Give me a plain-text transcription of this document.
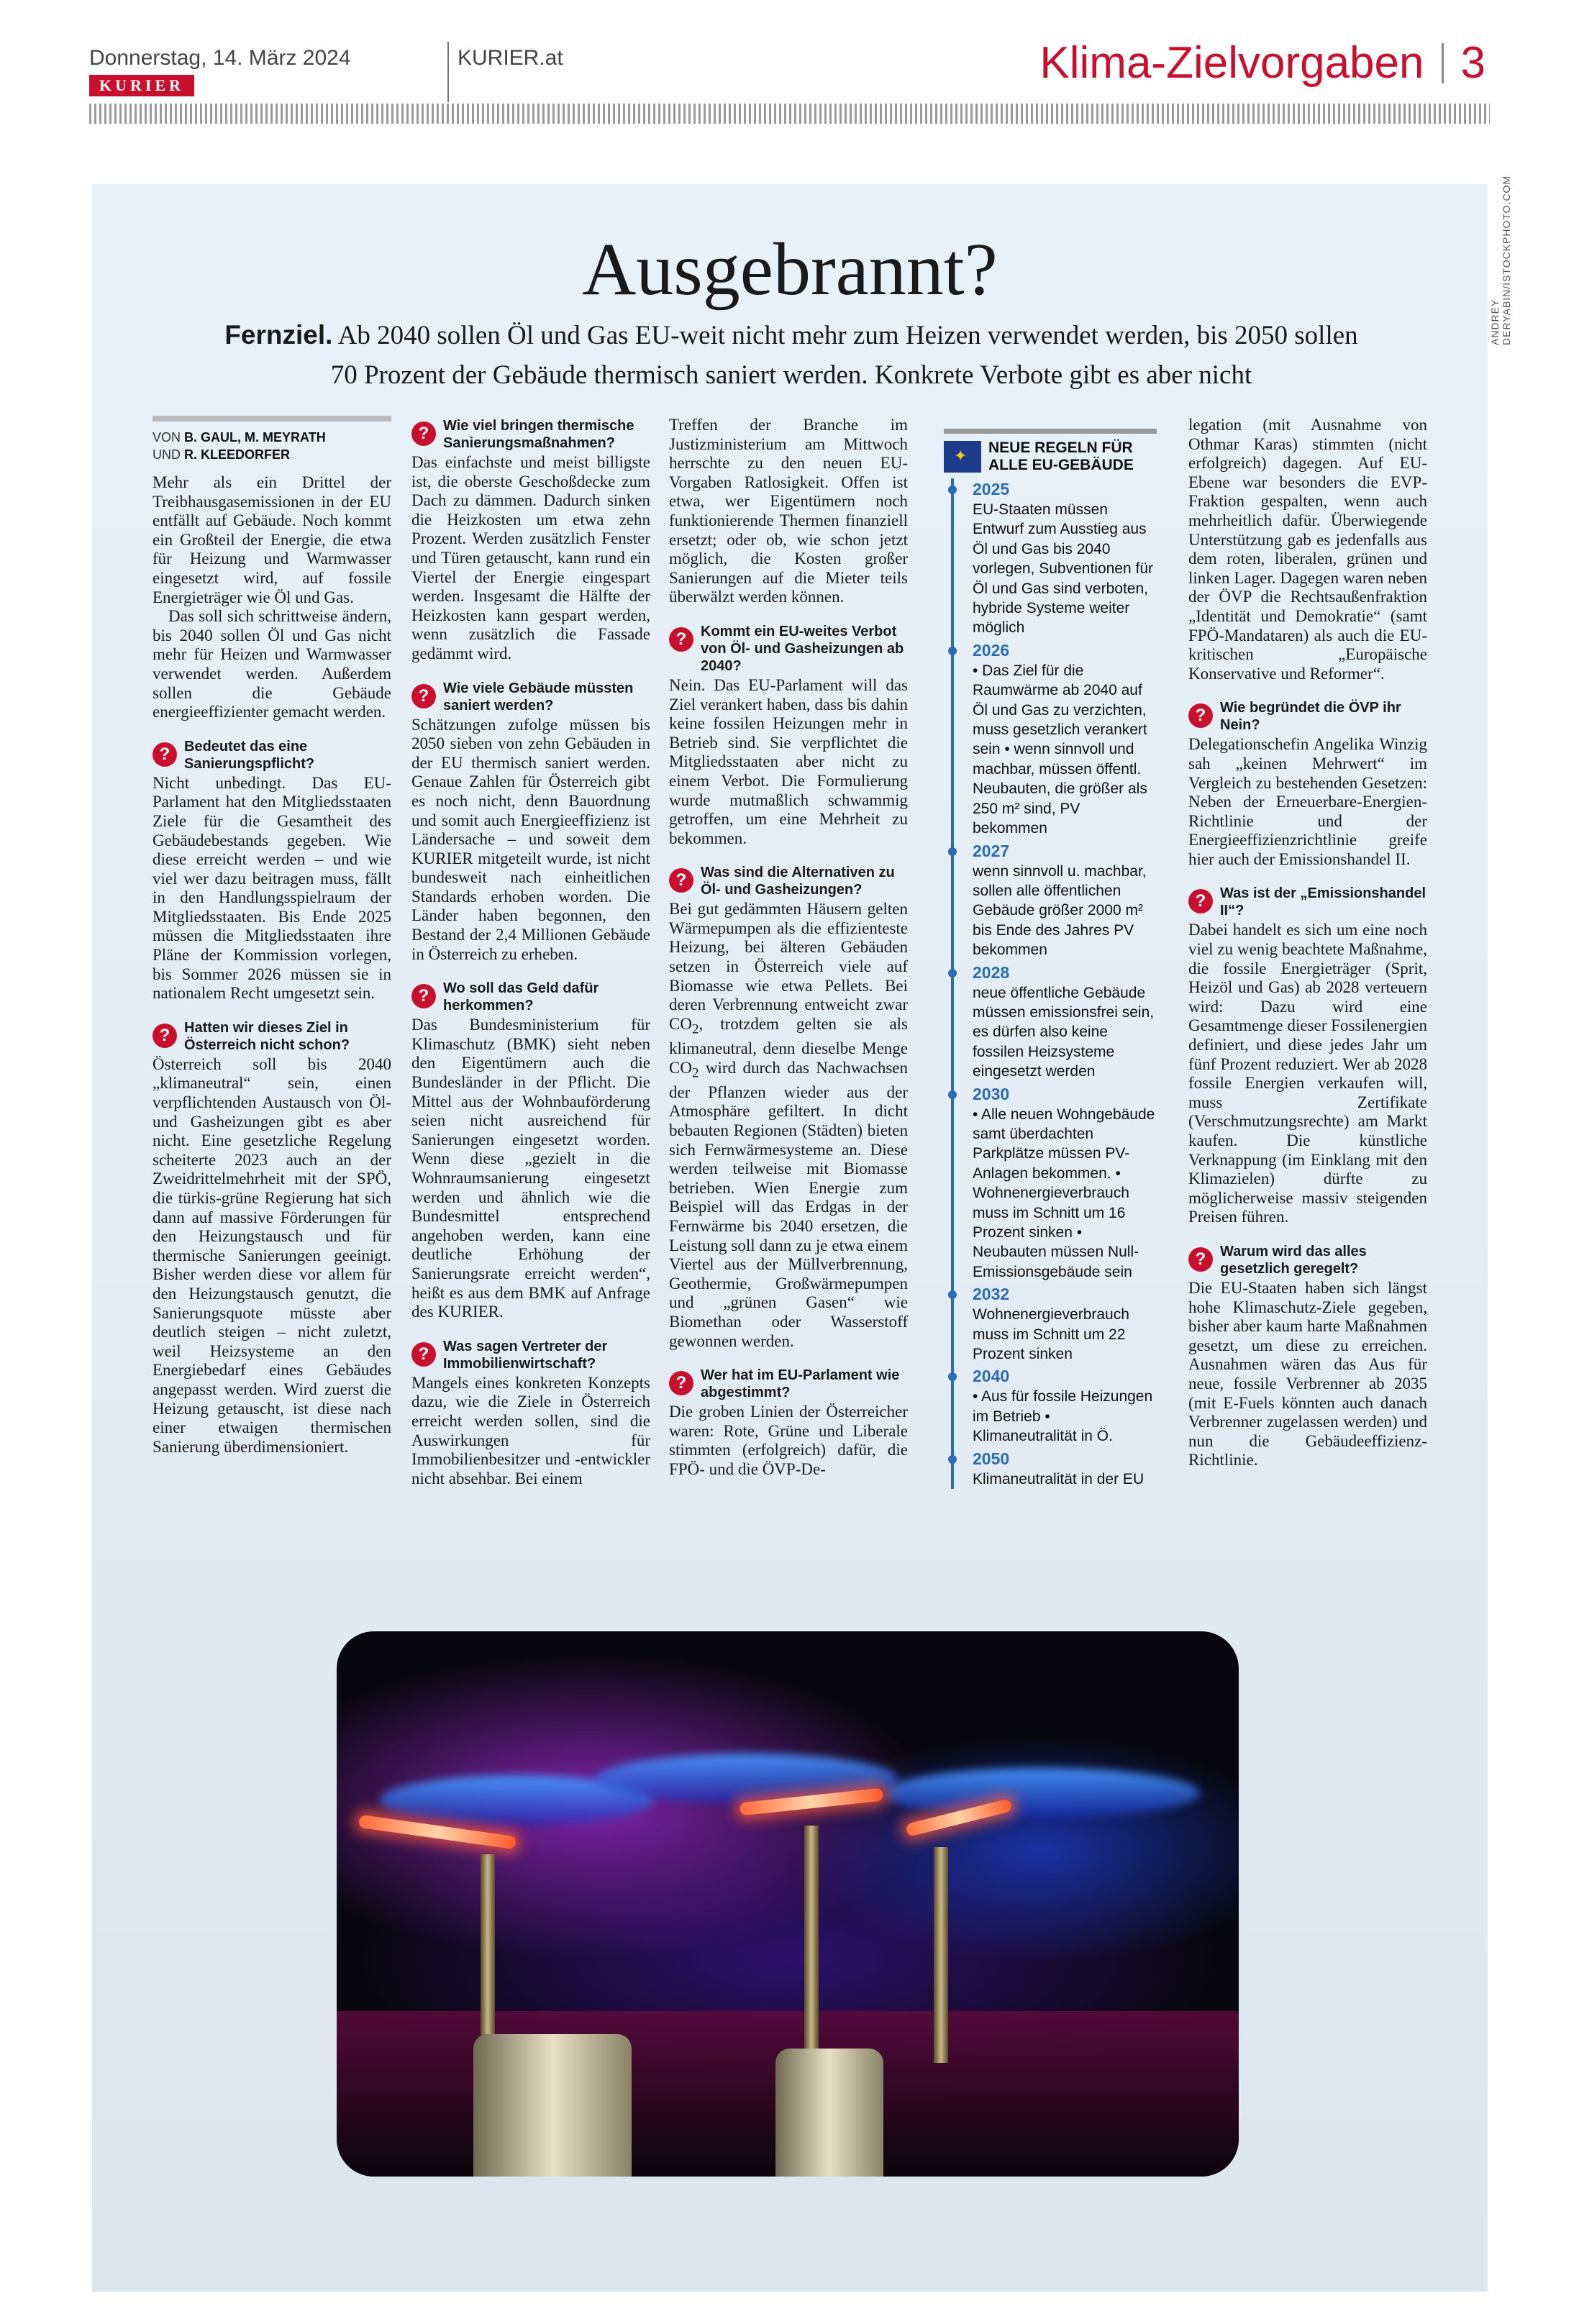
Donnerstag, 14. März 2024
KURIER
KURIER.at	Klima-Zielvorgaben 3
ANDREY DERYABIN/ISTOCKPHOTO.COM
Ausgebrannt?
Fernziel. Ab 2040 sollen Öl und Gas EU-weit nicht mehr zum Heizen verwendet werden, bis 2050 sollen 70 Prozent der Gebäude thermisch saniert werden. Konkrete Verbote gibt es aber nicht
VON B. GAUL, M. MEYRATH
UND R. KLEEDORFER

Mehr als ein Drittel der Treibhausgasemissionen in der EU entfällt auf Gebäude. Noch kommt ein Großteil der Energie, die etwa für Heizung und Warmwasser eingesetzt wird, auf fossile Energieträger wie Öl und Gas.

Das soll sich schrittweise ändern, bis 2040 sollen Öl und Gas nicht mehr für Heizen und Warmwasser verwendet werden. Außerdem sollen die Gebäude energieeffizienter gemacht werden.

? Bedeutet das eine Sanierungspflicht?

Nicht unbedingt. Das EU-Parlament hat den Mitgliedsstaaten Ziele für die Gesamtheit des Gebäudebestands gegeben. Wie diese erreicht werden – und wie viel wer dazu beitragen muss, fällt in den Handlungsspielraum der Mitgliedsstaaten. Bis Ende 2025 müssen die Mitgliedsstaaten ihre Pläne der Kommission vorlegen, bis Sommer 2026 müssen sie in nationalem Recht umgesetzt sein.

? Hatten wir dieses Ziel in Österreich nicht schon?

Österreich soll bis 2040 „klimaneutral“ sein, einen verpflichtenden Austausch von Öl- und Gasheizungen gibt es aber nicht. Eine gesetzliche Regelung scheiterte 2023 auch an der Zweidrittelmehrheit mit der SPÖ, die türkis-grüne Regierung hat sich dann auf massive Förderungen für den Heizungstausch und für thermische Sanierungen geeinigt. Bisher werden diese vor allem für den Heizungstausch genutzt, die Sanierungsquote müsste aber deutlich steigen – nicht zuletzt, weil Heizsysteme an den Energiebedarf eines Gebäudes angepasst werden. Wird zuerst die Heizung getauscht, ist diese nach einer etwaigen thermischen Sanierung überdimensioniert.

? Wie viel bringen thermische Sanierungsmaßnahmen?

Das einfachste und meist billigste ist, die oberste Geschoßdecke zum Dach zu dämmen. Dadurch sinken die Heizkosten um etwa zehn Prozent. Werden zusätzlich Fenster und Türen getauscht, kann rund ein Viertel der Energie eingespart werden. Insgesamt die Hälfte der Heizkosten kann gespart werden, wenn zusätzlich die Fassade gedämmt wird.

? Wie viele Gebäude müssten saniert werden?

Schätzungen zufolge müssen bis 2050 sieben von zehn Gebäuden in der EU thermisch saniert werden. Genaue Zahlen für Österreich gibt es noch nicht, denn Bauordnung und somit auch Energieeffizienz ist Ländersache – und soweit dem KURIER mitgeteilt wurde, ist nicht bundesweit nach einheitlichen Standards erhoben worden. Die Länder haben begonnen, den Bestand der 2,4 Millionen Gebäude in Österreich zu erheben.

? Wo soll das Geld dafür herkommen?

Das Bundesministerium für Klimaschutz (BMK) sieht neben den Eigentümern auch die Bundesländer in der Pflicht. Die Mittel aus der Wohnbauförderung seien nicht ausreichend für Sanierungen eingesetzt worden. Wenn diese „gezielt in die Wohnraumsanierung eingesetzt werden und ähnlich wie die Bundesmittel entsprechend angehoben werden, kann eine deutliche Erhöhung der Sanierungsrate erreicht werden“, heißt es aus dem BMK auf Anfrage des KURIER.

? Was sagen Vertreter der Immobilienwirtschaft?

Mangels eines konkreten Konzepts dazu, wie die Ziele in Österreich erreicht werden sollen, sind die Auswirkungen für Immobilienbesitzer und -entwickler nicht absehbar. Bei einem

Treffen der Branche im Justizministerium am Mittwoch herrschte zu den neuen EU-Vorgaben Ratlosigkeit. Offen ist etwa, wer Eigentümern noch funktionierende Thermen finanziell ersetzt; oder ob, wie schon jetzt möglich, die Kosten großer Sanierungen auf die Mieter teils überwälzt werden können.

? Kommt ein EU-weites Verbot von Öl- und Gasheizungen ab 2040?

Nein. Das EU-Parlament will das Ziel verankert haben, dass bis dahin keine fossilen Heizungen mehr in Betrieb sind. Sie verpflichtet die Mitgliedsstaaten aber nicht zu einem Verbot. Die Formulierung wurde mutmaßlich schwammig getroffen, um eine Mehrheit zu bekommen.

? Was sind die Alternativen zu Öl- und Gasheizungen?

Bei gut gedämmten Häusern gelten Wärmepumpen als die effizienteste Heizung, bei älteren Gebäuden setzen in Österreich viele auf Biomasse wie etwa Pellets. Bei deren Verbrennung entweicht zwar $CO_2$, trotzdem gelten sie als klimaneutral, denn dieselbe Menge $CO_2$ wird durch das Nachwachsen der Pflanzen wieder aus der Atmosphäre gefiltert. In dicht bebauten Regionen (Städten) bieten sich Fernwärmesysteme an. Diese werden teilweise mit Biomasse betrieben. Wien Energie zum Beispiel will das Erdgas in der Fernwärme bis 2040 ersetzen, die Leistung soll dann zu je etwa einem Viertel aus der Müllverbrennung, Geothermie, Großwärmepumpen und „grünen Gasen“ wie Biomethan oder Wasserstoff gewonnen werden.

? Wer hat im EU-Parlament wie abgestimmt?

Die groben Linien der Österreicher waren: Rote, Grüne und Liberale stimmten (erfolgreich) dafür, die FPÖ- und die ÖVP-De-

✦
NEUE REGELN FÜR
ALLE EU-GEBÄUDE
2025
EU-Staaten müssen Entwurf zum Ausstieg aus Öl und Gas bis 2040 vorlegen, Subventionen für Öl und Gas sind verboten, hybride Systeme weiter möglich
2026
• Das Ziel für die Raumwärme ab 2040 auf Öl und Gas zu verzichten, muss gesetzlich verankert sein • wenn sinnvoll und machbar, müssen öffentl. Neubauten, die größer als 250 m² sind, PV bekommen
2027
wenn sinnvoll u. machbar, sollen alle öffentlichen Gebäude größer 2000 m² bis Ende des Jahres PV bekommen
2028
neue öffentliche Gebäude müssen emissionsfrei sein, es dürfen also keine fossilen Heizsysteme eingesetzt werden
2030
• Alle neuen Wohngebäude samt überdachten Parkplätze müssen PV-Anlagen bekommen. • Wohnenergieverbrauch muss im Schnitt um 16 Prozent sinken • Neubauten müssen Null-Emissionsgebäude sein
2032
Wohnenergieverbrauch muss im Schnitt um 22 Prozent sinken
2040
• Aus für fossile Heizungen im Betrieb • Klimaneutralität in Ö.
2050
Klimaneutralität in der EU

legation (mit Ausnahme von Othmar Karas) stimmten (nicht erfolgreich) dagegen. Auf EU-Ebene war besonders die EVP-Fraktion gespalten, wenn auch mehrheitlich dafür. Überwiegende Unterstützung gab es jedenfalls aus dem roten, liberalen, grünen und linken Lager. Dagegen waren neben der ÖVP die Rechtsaußenfraktion „Identität und Demokratie“ (samt FPÖ-Mandataren) als auch die EU-kritischen „Europäische Konservative und Reformer“.

? Wie begründet die ÖVP ihr Nein?

Delegationschefin Angelika Winzig sah „keinen Mehrwert“ im Vergleich zu bestehenden Gesetzen: Neben der Erneuerbare-Energien-Richtlinie und der Energieeffizienzrichtlinie greife hier auch der Emissionshandel II.

? Was ist der „Emissionshandel II“?

Dabei handelt es sich um eine noch viel zu wenig beachtete Maßnahme, die fossile Energieträger (Sprit, Heizöl und Gas) ab 2028 verteuern wird: Dazu wird eine Gesamtmenge dieser Fossilenergien definiert, und diese jedes Jahr um fünf Prozent reduziert. Wer ab 2028 fossile Energien verkaufen will, muss Zertifikate (Verschmutzungsrechte) am Markt kaufen. Die künstliche Verknappung (im Einklang mit den Klimazielen) dürfte zu möglicherweise massiv steigenden Preisen führen.

? Warum wird das alles gesetzlich geregelt?

Die EU-Staaten haben sich längst hohe Klimaschutz-Ziele gegeben, bisher aber kaum harte Maßnahmen gesetzt, um diese zu erreichen. Ausnahmen wären das Aus für neue, fossile Verbrenner ab 2035 (mit E-Fuels könnten auch danach Verbrenner zugelassen werden) und nun die Gebäudeeffizienz-Richtlinie.
